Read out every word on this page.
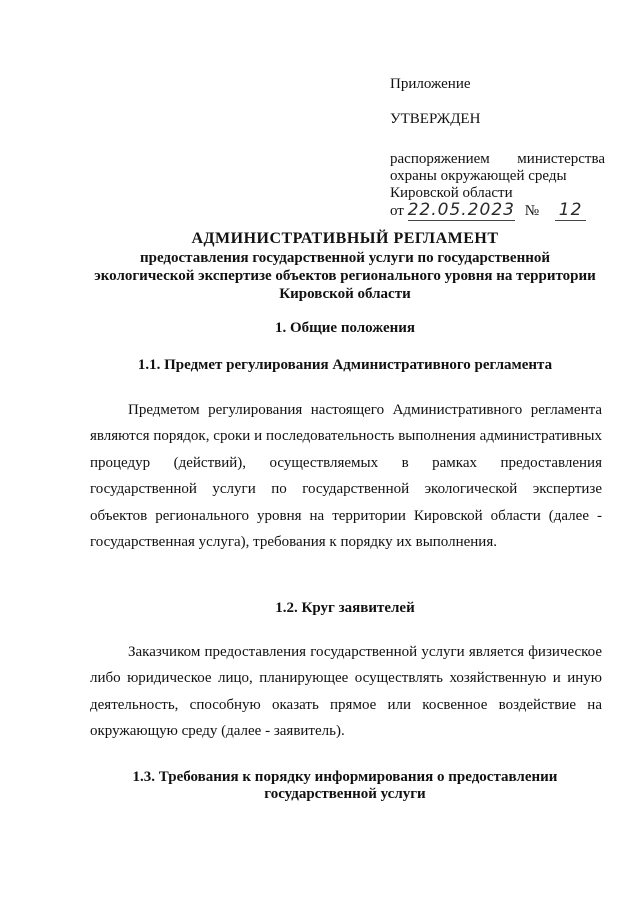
Приложение
УТВЕРЖДЕН
распоряжением министерства
охраны окружающей среды
Кировской области
от 22.05.2023 № 12
АДМИНИСТРАТИВНЫЙ РЕГЛАМЕНТ
предоставления государственной услуги по государственной экологической экспертизе объектов регионального уровня на территории Кировской области
1. Общие положения
1.1. Предмет регулирования Административного регламента

Предметом регулирования настоящего Административного регламента являются порядок, сроки и последовательность выполнения административных процедур (действий), осуществляемых в рамках предоставления государственной услуги по государственной экологической экспертизе объектов регионального уровня на территории Кировской области (далее - государственная услуга), требования к порядку их выполнения.

1.2. Круг заявителей

Заказчиком предоставления государственной услуги является физическое либо юридическое лицо, планирующее осуществлять хозяйственную и иную деятельность, способную оказать прямое или косвенное воздействие на окружающую среду (далее - заявитель).

1.3. Требования к порядку информирования о предоставлении государственной услуги
